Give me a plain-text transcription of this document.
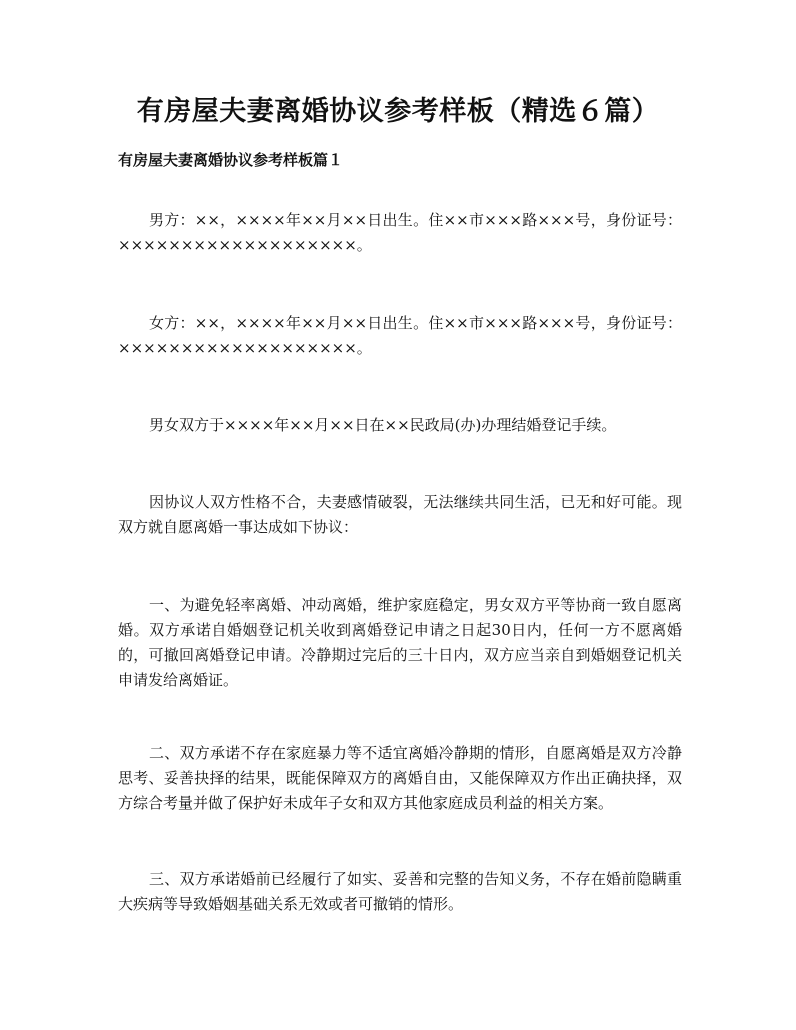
有房屋夫妻离婚协议参考样板（精选６篇）
有房屋夫妻离婚协议参考样板篇１

男方：××，××××年××月××日出生。住××市×××路×××号，身份证号：×××××××××××××××××××。

女方：××，××××年××月××日出生。住××市×××路×××号，身份证号：×××××××××××××××××××。

男女双方于××××年××月××日在××民政局(办)办理结婚登记手续。

因协议人双方性格不合，夫妻感情破裂，无法继续共同生活，已无和好可能。现双方就自愿离婚一事达成如下协议：

一、为避免轻率离婚、冲动离婚，维护家庭稳定，男女双方平等协商一致自愿离婚。双方承诺自婚姻登记机关收到离婚登记申请之日起30日内，任何一方不愿离婚的，可撤回离婚登记申请。冷静期过完后的三十日内，双方应当亲自到婚姻登记机关申请发给离婚证。

二、双方承诺不存在家庭暴力等不适宜离婚冷静期的情形，自愿离婚是双方冷静思考、妥善抉择的结果，既能保障双方的离婚自由，又能保障双方作出正确抉择，双方综合考量并做了保护好未成年子女和双方其他家庭成员利益的相关方案。

三、双方承诺婚前已经履行了如实、妥善和完整的告知义务，不存在婚前隐瞒重大疾病等导致婚姻基础关系无效或者可撤销的情形。
